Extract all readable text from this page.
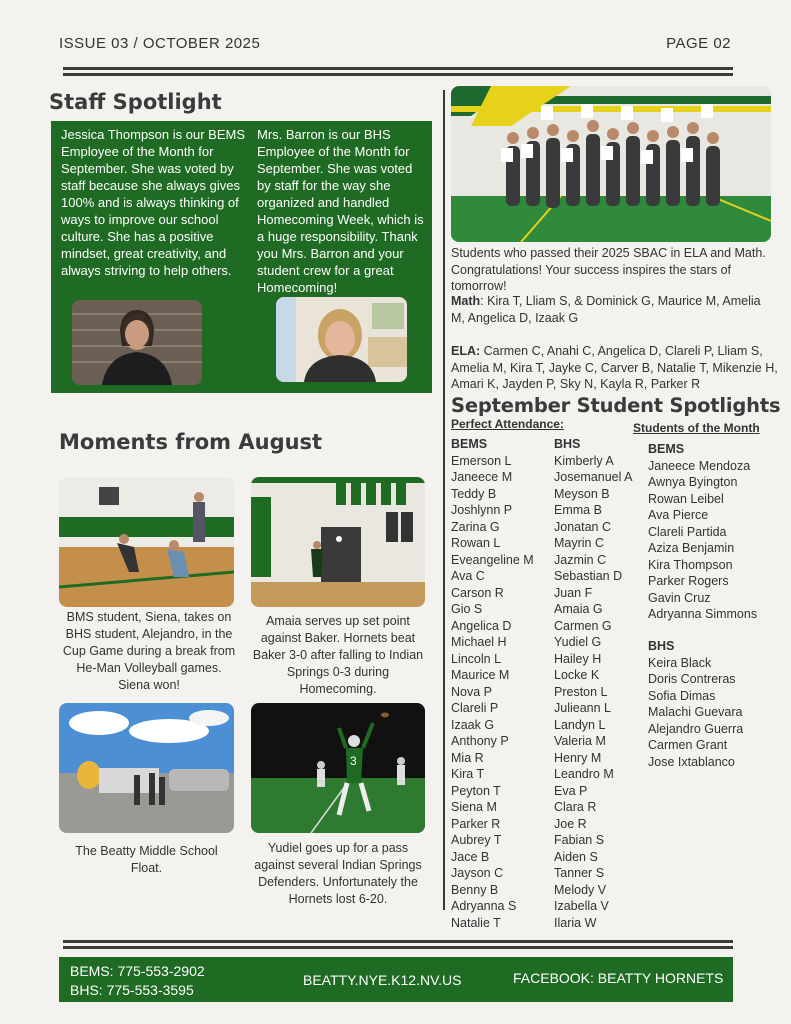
ISSUE 03 / OCTOBER 2025	PAGE 02
Staff Spotlight
Jessica Thompson is our BEMS Employee of the Month for September. She was voted by staff because she always gives 100% and is always thinking of ways to improve our school culture. She has a positive mindset, great creativity, and always striving to help others.
Mrs. Barron is our BHS Employee of the Month for September. She was voted by staff for the way she organized and handled Homecoming Week, which is a huge responsibility. Thank you Mrs. Barron and your student crew for a great Homecoming!
Students who passed their 2025 SBAC in ELA and Math. Congratulations! Your success inspires the stars of tomorrow!
Math: Kira T, Lliam S, & Dominick G, Maurice M, Amelia M, Angelica D, Izaak G
ELA: Carmen C, Anahi C, Angelica D, Clareli P, Lliam S, Amelia M, Kira T, Jayke C, Carver B, Natalie T, Mikenzie H, Amari K, Jayden P, Sky N, Kayla R, Parker R
September Student Spotlights
Perfect Attendance:	Students of the Month
BEMS
Emerson L
Janeece M
Teddy B
Joshlynn P
Zarina G
Rowan L
Eveangeline M
Ava C
Carson R
Gio S
Angelica D
Michael H
Lincoln L
Maurice M
Nova P
Clareli P
Izaak G
Anthony P
Mia R
Kira T
Peyton T
Siena M
Parker R
Aubrey T
Jace B
Jayson C
Benny B
Adryanna S
Natalie T
BHS
Kimberly A
Josemanuel A
Meyson B
Emma B
Jonatan C
Mayrin C
Jazmin C
Sebastian D
Juan F
Amaia G
Carmen G
Yudiel G
Hailey H
Locke K
Preston L
Julieann L
Landyn L
Valeria M
Henry M
Leandro M
Eva P
Clara R
Joe R
Fabian S
Aiden S
Tanner S
Melody V
Izabella V
Ilaria W
BEMS
Janeece Mendoza
Awnya Byington
Rowan Leibel
Ava Pierce
Clareli Partida
Aziza Benjamin
Kira Thompson
Parker Rogers
Gavin Cruz
Adryanna Simmons
BHS
Keira Black
Doris Contreras
Sofia Dimas
Malachi Guevara
Alejandro Guerra
Carmen Grant
Jose Ixtablanco
Moments from August
BMS student, Siena, takes on BHS student, Alejandro, in the Cup Game during a break from He-Man Volleyball games. Siena won!
Amaia serves up set point against Baker. Hornets beat Baker 3-0 after falling to Indian Springs 0-3 during Homecoming.
3
The Beatty Middle School Float.
Yudiel goes up for a pass against several Indian Springs Defenders. Unfortunately the Hornets lost 6-20.
BEMS: 775-553-2902
BHS: 775-553-3595
BEATTY.NYE.K12.NV.US	FACEBOOK: BEATTY HORNETS
